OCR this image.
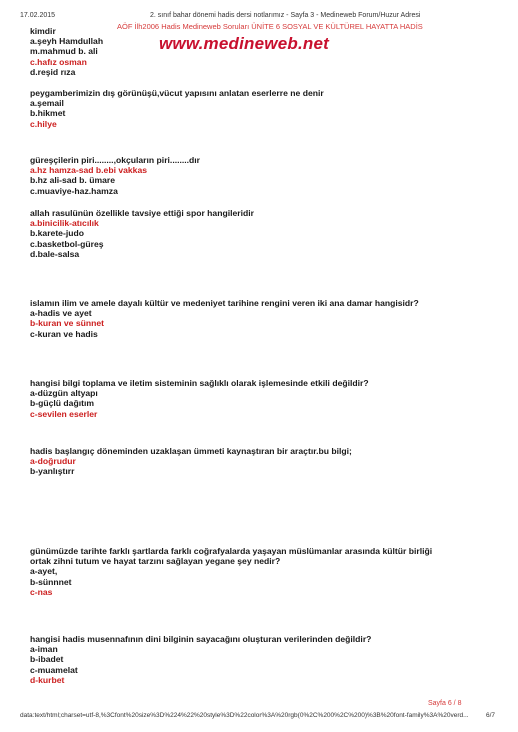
17.02.2015	2. sınıf bahar dönemi hadis dersi notlarımız - Sayfa 3 - Medineweb Forum/Huzur Adresi
AÖF İlh2006 Hadis Medineweb Soruları ÜNİTE 6 SOSYAL VE KÜLTÜREL HAYATTA HADİS
www.medineweb.net
kimdir
a.şeyh Hamdullah
m.mahmud b. ali
c.hafız osman
d.reşid rıza
peygamberimizin dış görünüşü,vücut yapısını anlatan eserlerre ne denir
a.şemail
b.hikmet
c.hilye
güreşçilerin piri........,okçuların piri........dır
a.hz hamza-sad b.ebi vakkas
b.hz ali-sad b. ümare
c.muaviye-haz.hamza
allah rasulünün özellikle tavsiye ettiği spor hangileridir
a.binicilik-atıcılık
b.karete-judo
c.basketbol-güreş
d.bale-salsa
islamın ilim ve amele dayalı kültür ve medeniyet tarihine rengini veren iki ana damar hangisidr?
a-hadis ve ayet
b-kuran ve sünnet
c-kuran ve hadis
hangisi bilgi toplama ve iletim sisteminin sağlıklı olarak işlemesinde etkili değildir?
a-düzgün altyapı
b-güçlü dağıtım
c-sevilen eserler
hadis başlangıç döneminden uzaklaşan ümmeti kaynaştıran bir araçtır.bu bilgi;
a-doğrudur
b-yanlıştırr
günümüzde tarihte farklı şartlarda farklı coğrafyalarda yaşayan müslümanlar arasında kültür birliği
ortak zihni tutum ve hayat tarzını sağlayan yegane şey nedir?
a-ayet,
b-sünnnet
c-nas
hangisi hadis musennafının dini bilginin sayacağını oluşturan verilerinden değildir?
a-iman
b-ibadet
c-muamelat
d-kurbet
Sayfa 6 / 8
data:text/html;charset=utf-8,%3Cfont%20size%3D%224%22%20style%3D%22color%3A%20rgb(0%2C%200%2C%200)%3B%20font-family%3A%20verd...	6/7
